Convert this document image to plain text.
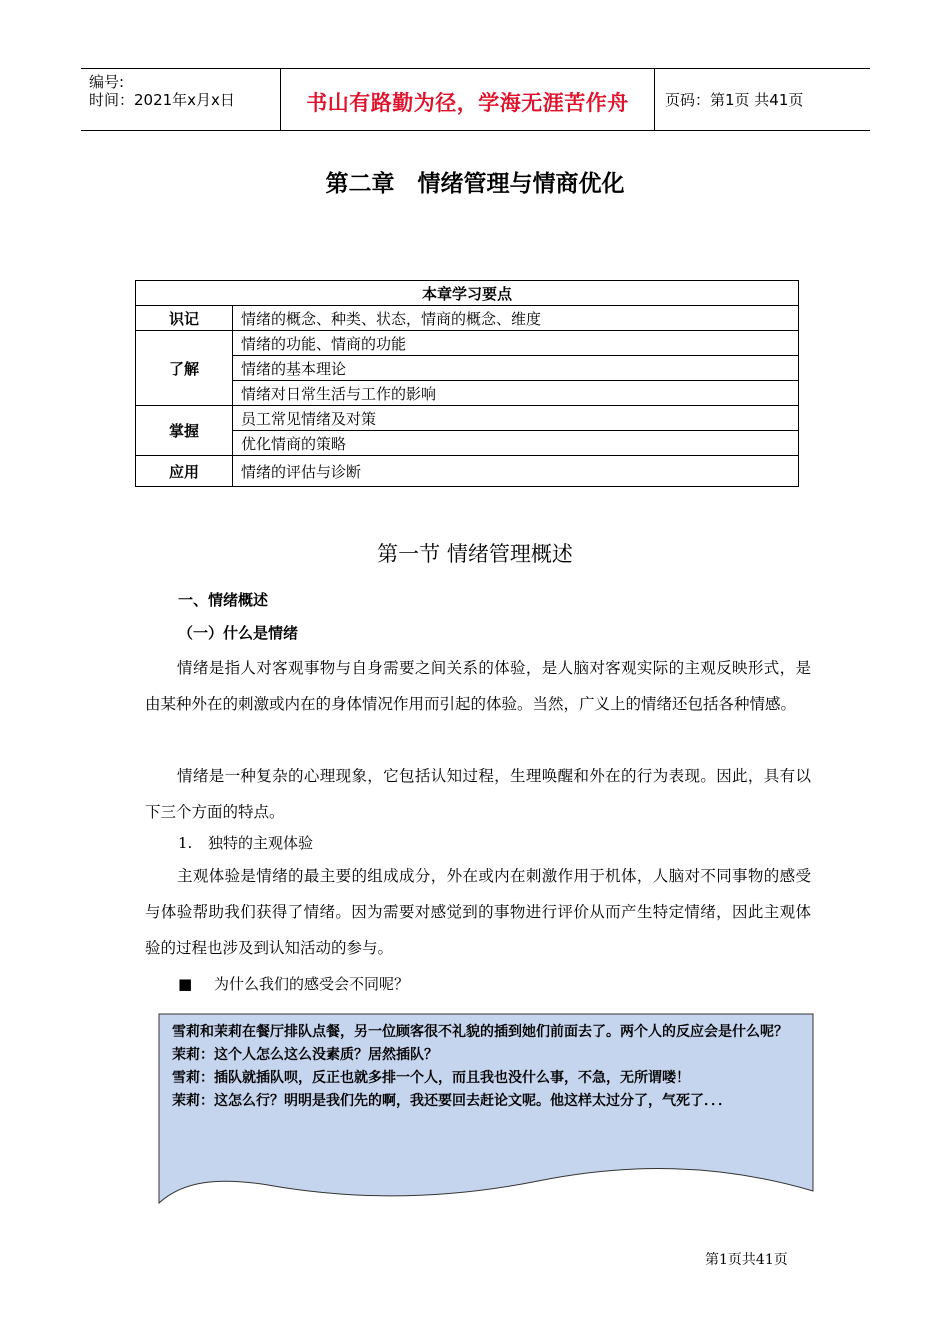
编号:
时间：2021年x月x日	书山有路勤为径，学海无涯苦作舟	页码：第1页 共41页
第二章　情绪管理与情商优化
本章学习要点	
识记	情绪的概念、种类、状态，情商的概念、维度
了解	情绪的功能、情商的功能
	情绪的基本理论
	情绪对日常生活与工作的影响
掌握	员工常见情绪及对策
	优化情商的策略
应用	情绪的评估与诊断
第一节 情绪管理概述
一、情绪概述
（一）什么是情绪
情绪是指人对客观事物与自身需要之间关系的体验，是人脑对客观实际的主观反映形式，是由某种外在的刺激或内在的身体情况作用而引起的体验。当然，广义上的情绪还包括各种情感。
情绪是一种复杂的心理现象，它包括认知过程，生理唤醒和外在的行为表现。因此，具有以下三个方面的特点。
1. 独特的主观体验
主观体验是情绪的最主要的组成成分，外在或内在刺激作用于机体，人脑对不同事物的感受与体验帮助我们获得了情绪。因为需要对感觉到的事物进行评价从而产生特定情绪，因此主观体验的过程也涉及到认知活动的参与。
■ 为什么我们的感受会不同呢？
雪莉和茉莉在餐厅排队点餐，另一位顾客很不礼貌的插到她们前面去了。两个人的反应会是什么呢？
茉莉：这个人怎么这么没素质？居然插队？
雪莉：插队就插队呗，反正也就多排一个人，而且我也没什么事，不急，无所谓喽！
茉莉：这怎么行？明明是我们先的啊，我还要回去赶论文呢。他这样太过分了，气死了．．．
第1页共41页
